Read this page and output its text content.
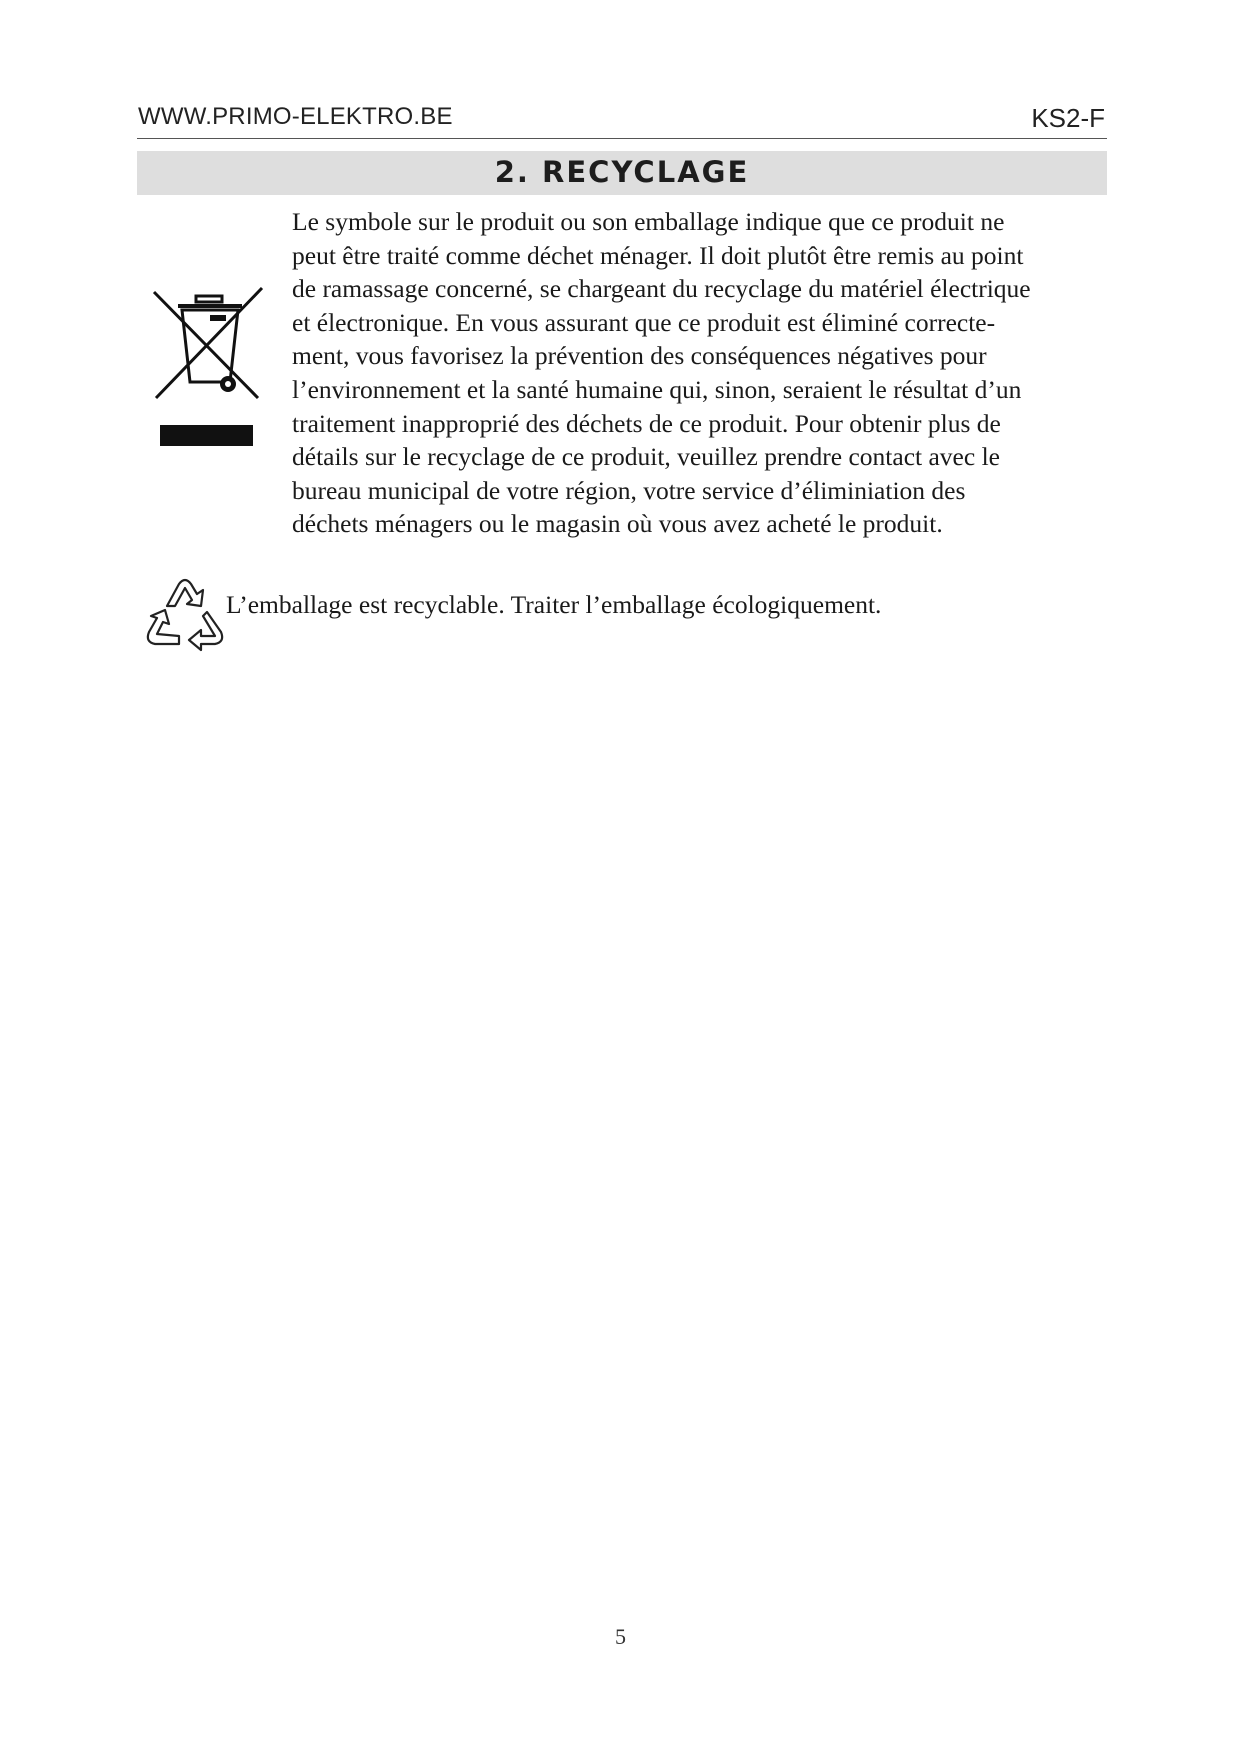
WWW.PRIMO-ELEKTRO.BE	KS2-F
2. RECYCLAGE

Le symbole sur le produit ou son emballage indique que ce produit ne

peut être traité comme déchet ménager. Il doit plutôt être remis au point

de ramassage concerné, se chargeant du recyclage du matériel électrique

et électronique. En vous assurant que ce produit est éliminé correcte-

ment, vous favorisez la prévention des conséquences négatives pour

l’environnement et la santé humaine qui, sinon, seraient le résultat d’un

traitement inapproprié des déchets de ce produit. Pour obtenir plus de

détails sur le recyclage de ce produit, veuillez prendre contact avec le

bureau municipal de votre région, votre service d’éliminiation des

déchets ménagers ou le magasin où vous avez acheté le produit.

L’emballage est recyclable. Traiter l’emballage écologiquement.
5
